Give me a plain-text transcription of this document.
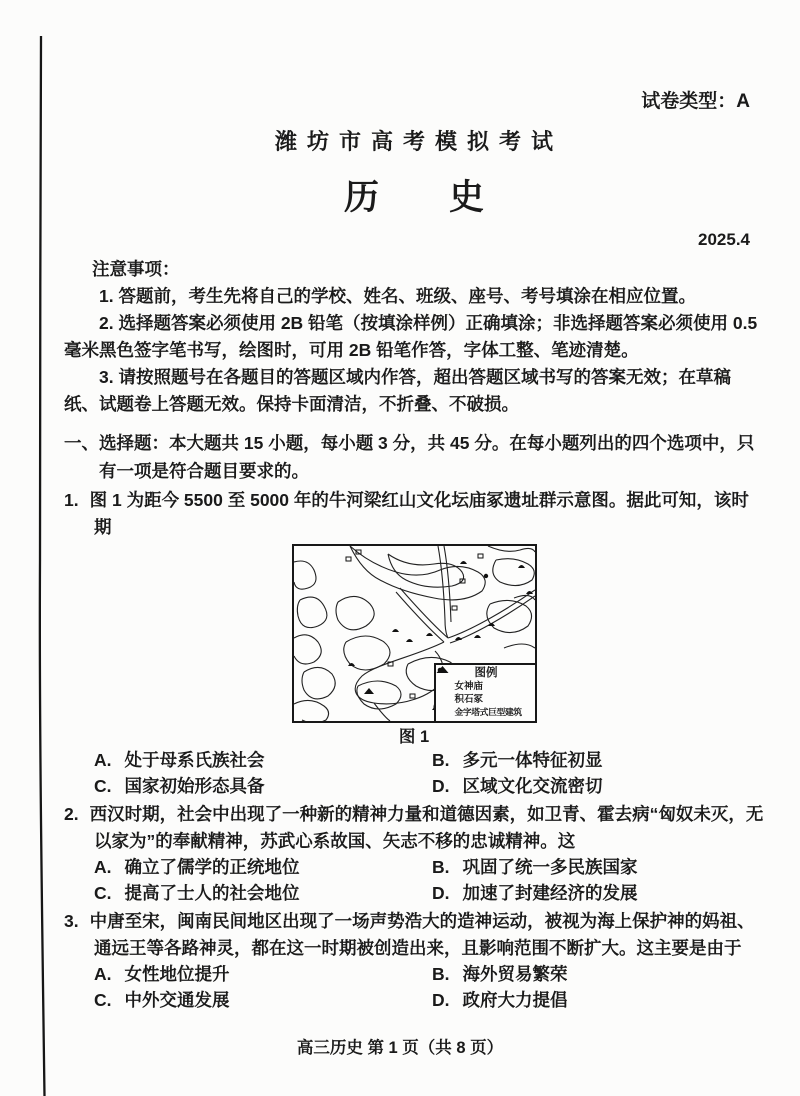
试卷类型：A
潍坊市高考模拟考试
历　　史
2025.4
注意事项：

1. 答题前，考生先将自己的学校、姓名、班级、座号、考号填涂在相应位置。

2. 选择题答案必须使用 2B 铅笔（按填涂样例）正确填涂；非选择题答案必须使用 0.5 毫米黑色签字笔书写，绘图时，可用 2B 铅笔作答，字体工整、笔迹清楚。

3. 请按照题号在各题目的答题区域内作答，超出答题区域书写的答案无效；在草稿纸、试题卷上答题无效。保持卡面清洁，不折叠、不破损。

一、选择题：本大题共 15 小题，每小题 3 分，共 45 分。在每小题列出的四个选项中，只有一项是符合题目要求的。

1. 图 1 为距今 5500 至 5000 年的牛河梁红山文化坛庙冢遗址群示意图。据此可知，该时期

图例
女神庙
积石冢
金字塔式巨型建筑
图 1
A. 处于母系氏族社会	B. 多元一体特征初显
C. 国家初始形态具备	D. 区域文化交流密切

2. 西汉时期，社会中出现了一种新的精神力量和道德因素，如卫青、霍去病“匈奴未灭，无以家为”的奉献精神，苏武心系故国、矢志不移的忠诚精神。这

A. 确立了儒学的正统地位	B. 巩固了统一多民族国家
C. 提高了士人的社会地位	D. 加速了封建经济的发展

3. 中唐至宋，闽南民间地区出现了一场声势浩大的造神运动，被视为海上保护神的妈祖、通远王等各路神灵，都在这一时期被创造出来，且影响范围不断扩大。这主要是由于

A. 女性地位提升	B. 海外贸易繁荣
C. 中外交通发展	D. 政府大力提倡
高三历史 第 1 页（共 8 页）
